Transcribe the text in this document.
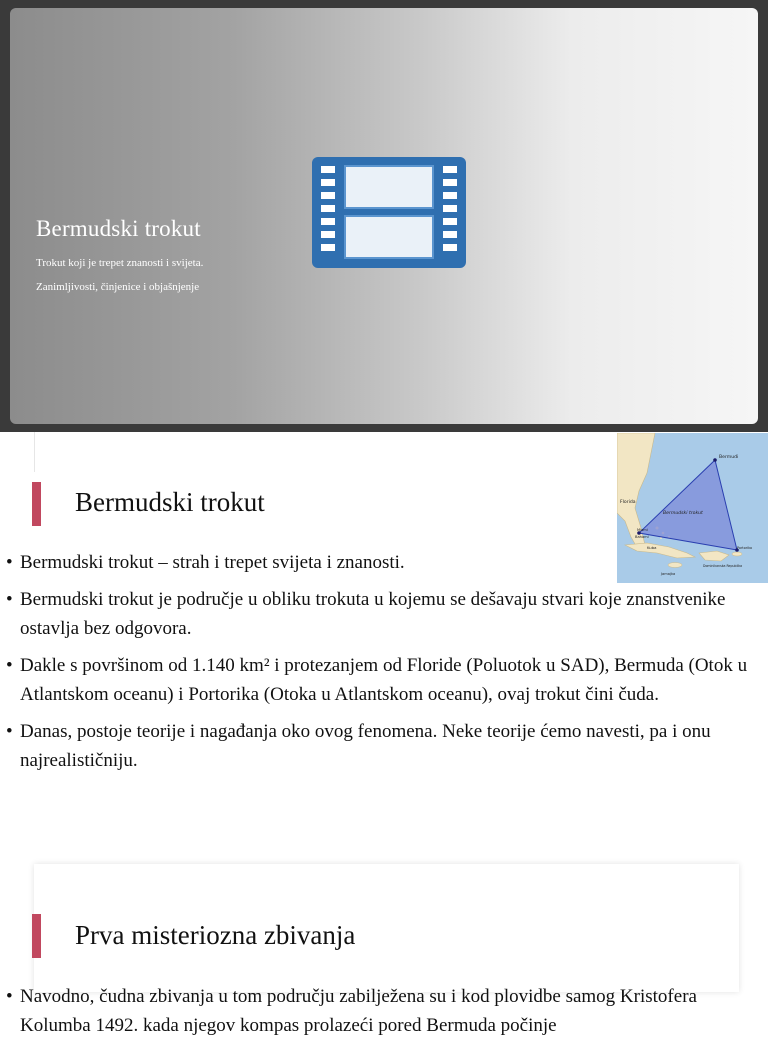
Bermudski trokut
Trokut koji je trepet znanosti i svijeta.
Zanimljivosti, činjenice i objašnjenje
Bermudski trokut
• Bermudski trokut – strah i trepet svijeta i znanosti.
• Bermudski trokut je područje u obliku trokuta u kojemu se dešavaju stvari koje znanstvenike ostavlja bez odgovora.
• Dakle s površinom od 1.140 km² i protezanjem od Floride (Poluotok u SAD), Bermuda (Otok u Atlantskom oceanu) i Portorika (Otoka u Atlantskom oceanu), ovaj trokut čini čuda.
• Danas, postoje teorije i nagađanja oko ovog fenomena. Neke teorije ćemo navesti, pa i onu najrealističniju.
Bermudi
Florida
Bermudski trokut
Miami
Bahami
Kuba
Jamajka
Dominikanska Republika
Portoriko
Prva misteriozna zbivanja
• Navodno, čudna zbivanja u tom području zabilježena su i kod plovidbe samog Kristofera Kolumba 1492. kada njegov kompas prolazeći pored Bermuda počinje
